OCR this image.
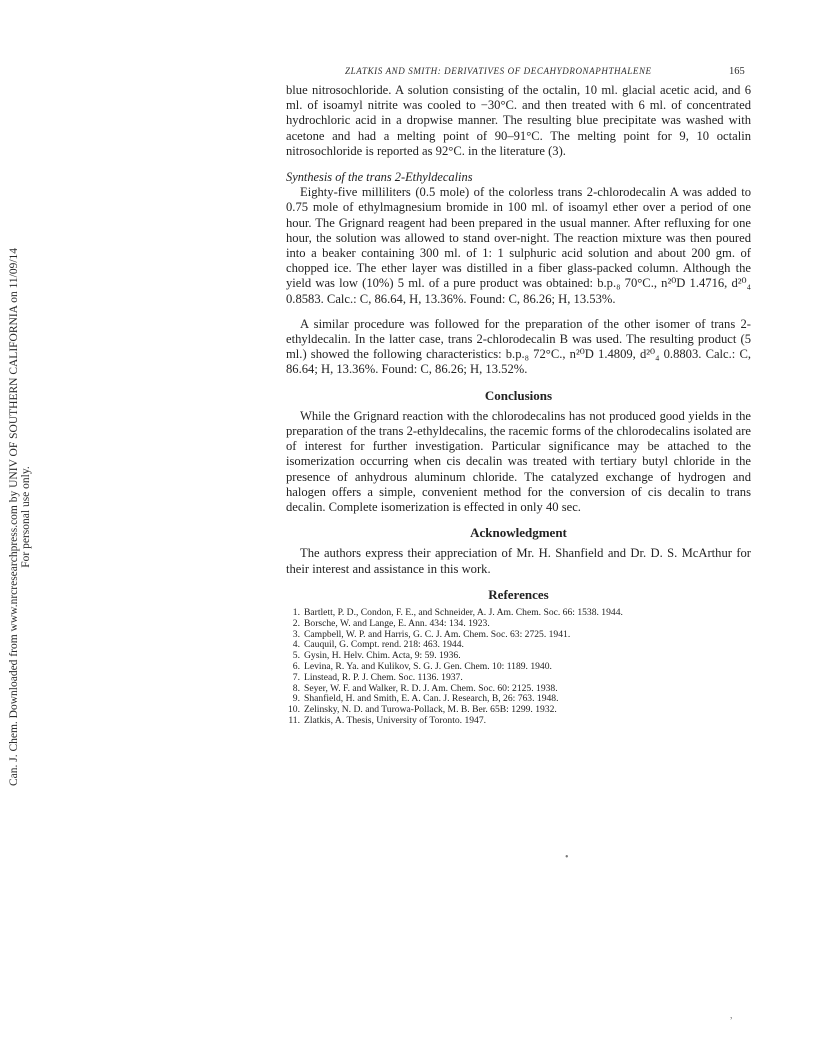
Can. J. Chem. Downloaded from www.nrcresearchpress.com by UNIV OF SOUTHERN CALIFORNIA on 11/09/14 For personal use only.
ZLATKIS AND SMITH: DERIVATIVES OF DECAHYDRONAPHTHALENE	165

blue nitrosochloride. A solution consisting of the octalin, 10 ml. glacial acetic acid, and 6 ml. of isoamyl nitrite was cooled to −30°C. and then treated with 6 ml. of concentrated hydrochloric acid in a dropwise manner. The resulting blue precipitate was washed with acetone and had a melting point of 90–91°C. The melting point for 9, 10 octalin nitrosochloride is reported as 92°C. in the literature (3).

Synthesis of the trans 2-Ethyldecalins

Eighty-five milliliters (0.5 mole) of the colorless trans 2-chlorodecalin A was added to 0.75 mole of ethylmagnesium bromide in 100 ml. of isoamyl ether over a period of one hour. The Grignard reagent had been prepared in the usual manner. After refluxing for one hour, the solution was allowed to stand over-night. The reaction mixture was then poured into a beaker containing 300 ml. of 1: 1 sulphuric acid solution and about 200 gm. of chopped ice. The ether layer was distilled in a fiber glass-packed column. Although the yield was low (10%) 5 ml. of a pure product was obtained: b.p.₈ 70°C., n²⁰D 1.4716, d²⁰₄ 0.8583. Calc.: C, 86.64, H, 13.36%. Found: C, 86.26; H, 13.53%.

A similar procedure was followed for the preparation of the other isomer of trans 2-ethyldecalin. In the latter case, trans 2-chlorodecalin B was used. The resulting product (5 ml.) showed the following characteristics: b.p.₈ 72°C., n²⁰D 1.4809, d²⁰₄ 0.8803. Calc.: C, 86.64; H, 13.36%. Found: C, 86.26; H, 13.52%.

Conclusions

While the Grignard reaction with the chlorodecalins has not produced good yields in the preparation of the trans 2-ethyldecalins, the racemic forms of the chlorodecalins isolated are of interest for further investigation. Particular significance may be attached to the isomerization occurring when cis decalin was treated with tertiary butyl chloride in the presence of anhydrous aluminum chloride. The catalyzed exchange of hydrogen and halogen offers a simple, convenient method for the conversion of cis decalin to trans decalin. Complete isomerization is effected in only 40 sec.

Acknowledgment

The authors express their appreciation of Mr. H. Shanfield and Dr. D. S. McArthur for their interest and assistance in this work.

References
1. Bartlett, P. D., Condon, F. E., and Schneider, A. J. Am. Chem. Soc. 66: 1538. 1944.
2. Borsche, W. and Lange, E. Ann. 434: 134. 1923.
3. Campbell, W. P. and Harris, G. C. J. Am. Chem. Soc. 63: 2725. 1941.
4. Cauquil, G. Compt. rend. 218: 463. 1944.
5. Gysin, H. Helv. Chim. Acta, 9: 59. 1936.
6. Levina, R. Ya. and Kulikov, S. G. J. Gen. Chem. 10: 1189. 1940.
7. Linstead, R. P. J. Chem. Soc. 1136. 1937.
8. Seyer, W. F. and Walker, R. D. J. Am. Chem. Soc. 60: 2125. 1938.
9. Shanfield, H. and Smith, E. A. Can. J. Research, B, 26: 763. 1948.
10. Zelinsky, N. D. and Turowa-Pollack, M. B. Ber. 65B: 1299. 1932.
11. Zlatkis, A. Thesis, University of Toronto. 1947.
•
,
